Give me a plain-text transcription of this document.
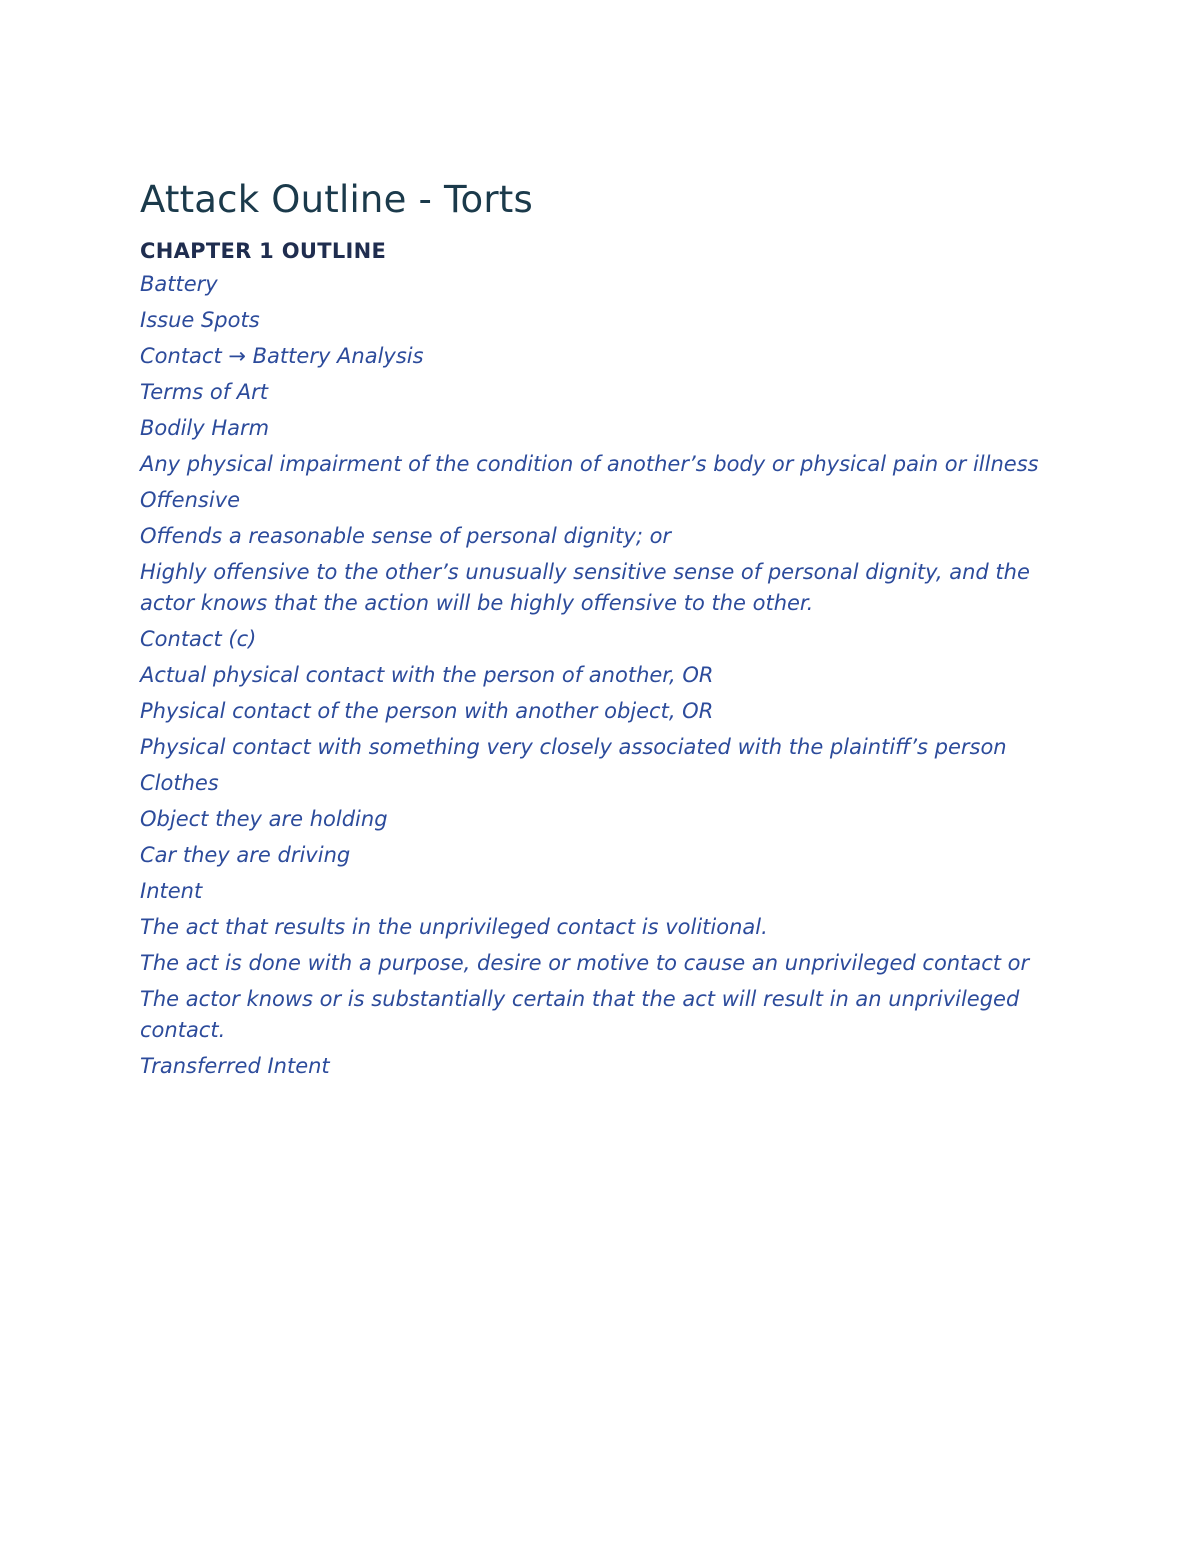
Attack Outline - Torts
CHAPTER 1 OUTLINE
Battery
Issue Spots
Contact → Battery Analysis
Terms of Art
Bodily Harm
Any physical impairment of the condition of another’s body or physical pain or illness
Offensive
Offends a reasonable sense of personal dignity; or
Highly offensive to the other’s unusually sensitive sense of personal dignity, and the actor knows that the action will be highly offensive to the other.
Contact (c)
Actual physical contact with the person of another, OR
Physical contact of the person with another object, OR
Physical contact with something very closely associated with the plaintiff’s person
Clothes
Object they are holding
Car they are driving
Intent
The act that results in the unprivileged contact is volitional.
The act is done with a purpose, desire or motive to cause an unprivileged contact or
The actor knows or is substantially certain that the act will result in an unprivileged contact.
Transferred Intent
